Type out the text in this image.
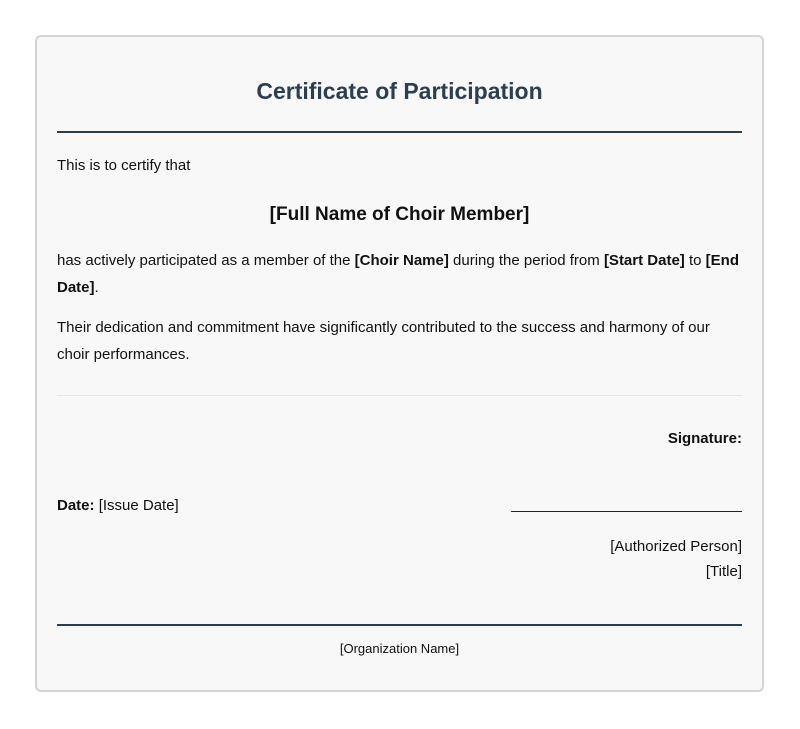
Certificate of Participation

This is to certify that

[Full Name of Choir Member]

has actively participated as a member of the [Choir Name] during the period from [Start Date] to [End Date].

Their dedication and commitment have significantly contributed to the success and harmony of our choir performances.

Signature:

Date: [Issue Date]

[Authorized Person]

[Title]

[Organization Name]
